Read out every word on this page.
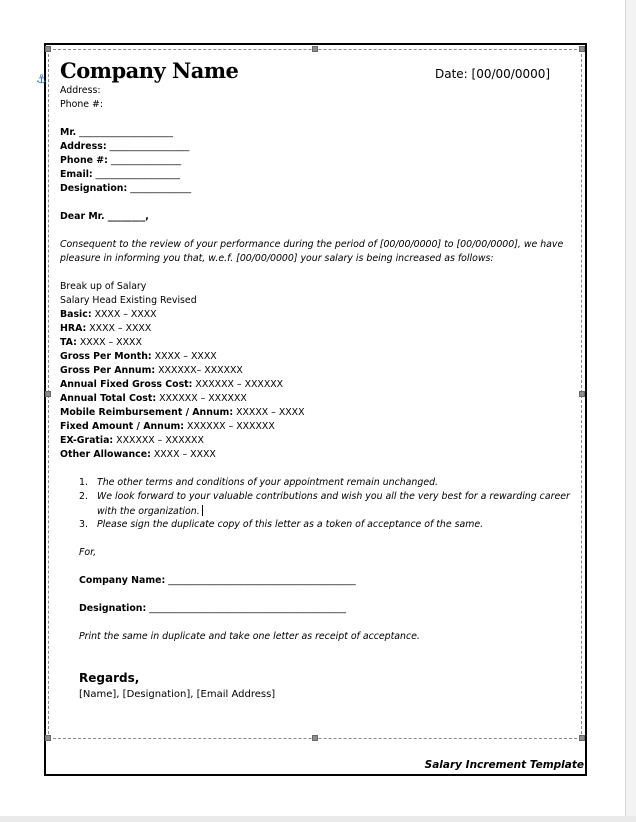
⚓ Company Name	Date: [00/00/0000]
Address:
Phone #:
Mr. ____________________
Address: _________________
Phone #: _______________
Email: __________________
Designation: _____________
Dear Mr. ________,
Consequent to the review of your performance during the period of [00/00/0000] to [00/00/0000], we have
pleasure in informing you that, w.e.f. [00/00/0000] your salary is being increased as follows:
Break up of Salary
Salary Head Existing Revised
Basic: XXXX – XXXX
HRA: XXXX – XXXX
TA: XXXX – XXXX
Gross Per Month: XXXX – XXXX
Gross Per Annum: XXXXXX– XXXXXX
Annual Fixed Gross Cost: XXXXXX – XXXXXX
Annual Total Cost: XXXXXX – XXXXXX
Mobile Reimbursement / Annum: XXXXX – XXXX
Fixed Amount / Annum: XXXXXX – XXXXXX
EX-Gratia: XXXXXX – XXXXXX
Other Allowance: XXXX – XXXX
1. The other terms and conditions of your appointment remain unchanged.
2. We look forward to your valuable contributions and wish you all the very best for a rewarding career
with the organization.
3. Please sign the duplicate copy of this letter as a token of acceptance of the same.
For,
Company Name: ________________________________________
Designation: __________________________________________
Print the same in duplicate and take one letter as receipt of acceptance.
Regards,
[Name], [Designation], [Email Address]
Salary Increment Template
